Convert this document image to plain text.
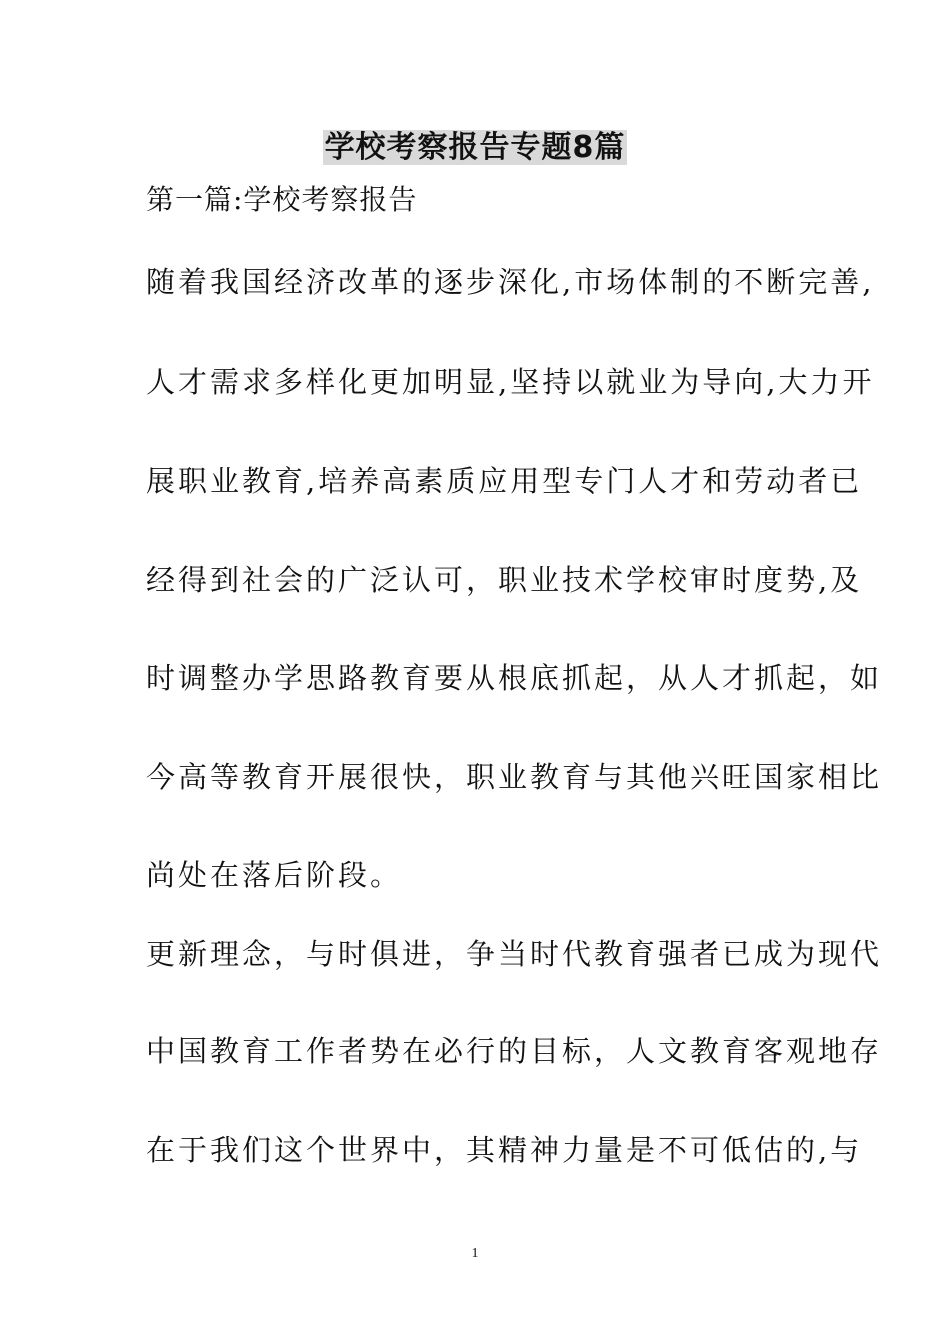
学校考察报告专题8篇
第一篇:学校考察报告
随着我国经济改革的逐步深化,市场体制的不断完善,
人才需求多样化更加明显,坚持以就业为导向,大力开
展职业教育,培养高素质应用型专门人才和劳动者已
经得到社会的广泛认可，职业技术学校审时度势,及
时调整办学思路教育要从根底抓起，从人才抓起，如
今高等教育开展很快，职业教育与其他兴旺国家相比
尚处在落后阶段。
更新理念，与时俱进，争当时代教育强者已成为现代
中国教育工作者势在必行的目标，人文教育客观地存
在于我们这个世界中，其精神力量是不可低估的,与
1
